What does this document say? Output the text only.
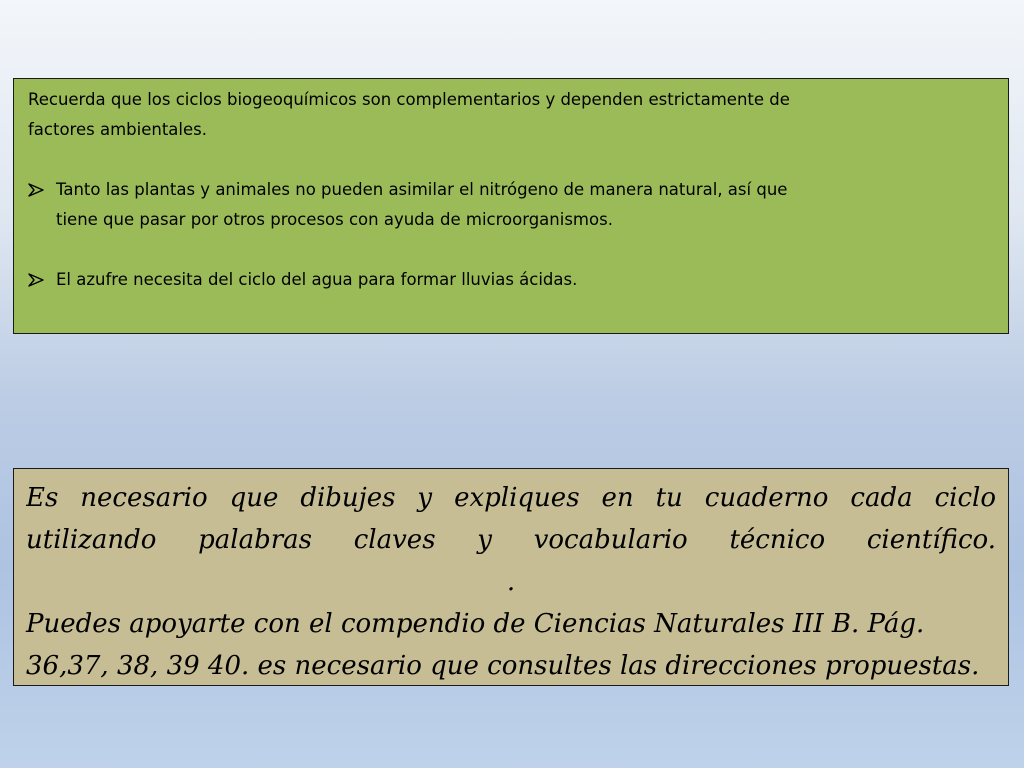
Recuerda que los ciclos biogeoquímicos son complementarios y dependen estrictamente de
factores ambientales.

Tanto las plantas y animales no pueden asimilar el nitrógeno de manera natural, así que
tiene que pasar por otros procesos con ayuda de microorganismos.
El azufre necesita del ciclo del agua para formar lluvias ácidas.

Es necesario que dibujes y expliques en tu cuaderno cada ciclo

utilizando palabras claves y vocabulario técnico científico.

.

Puedes apoyarte con el compendio de Ciencias Naturales III B. Pág.

36,37, 38, 39 40. es necesario que consultes las direcciones propuestas.
